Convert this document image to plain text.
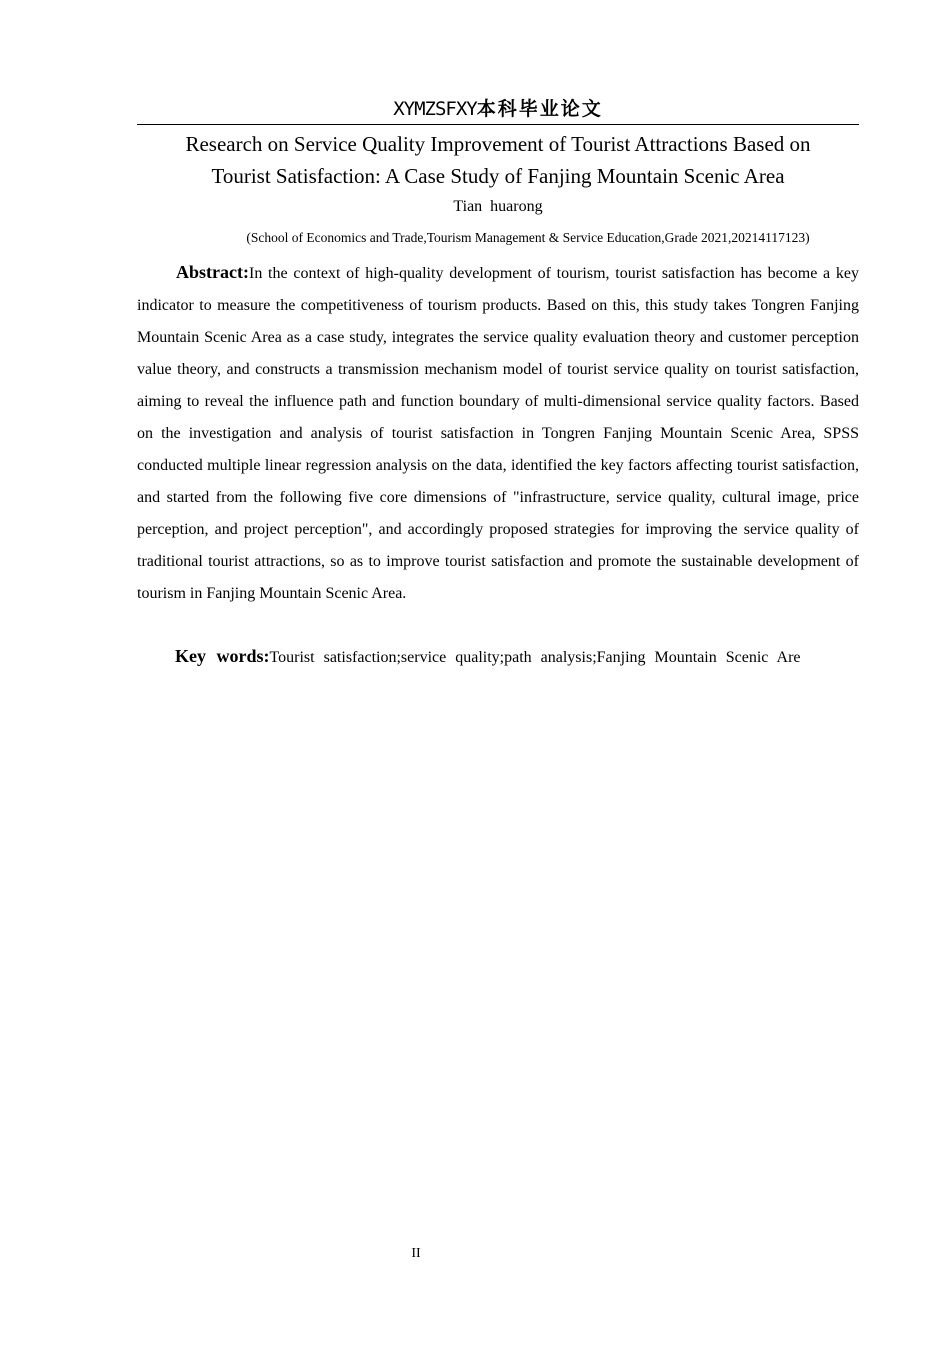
XYMZSFXY本科毕业论文
Research on Service Quality Improvement of Tourist Attractions Based on
Tourist Satisfaction: A Case Study of Fanjing Mountain Scenic Area
Tian huarong
(School of Economics and Trade,Tourism Management & Service Education,Grade 2021,20214117123)

Abstract:In the context of high-quality development of tourism, tourist satisfaction has become a key indicator to measure the competitiveness of tourism products. Based on this, this study takes Tongren Fanjing Mountain Scenic Area as a case study, integrates the service quality evaluation theory and customer perception value theory, and constructs a transmission mechanism model of tourist service quality on tourist satisfaction, aiming to reveal the influence path and function boundary of multi-dimensional service quality factors. Based on the investigation and analysis of tourist satisfaction in Tongren Fanjing Mountain Scenic Area, SPSS conducted multiple linear regression analysis on the data, identified the key factors affecting tourist satisfaction, and started from the following five core dimensions of "infrastructure, service quality, cultural image, price perception, and project perception", and accordingly proposed strategies for improving the service quality of traditional tourist attractions, so as to improve tourist satisfaction and promote the sustainable development of tourism in Fanjing Mountain Scenic Area.

Key words:Tourist satisfaction;service quality;path analysis;Fanjing Mountain Scenic Are

II
